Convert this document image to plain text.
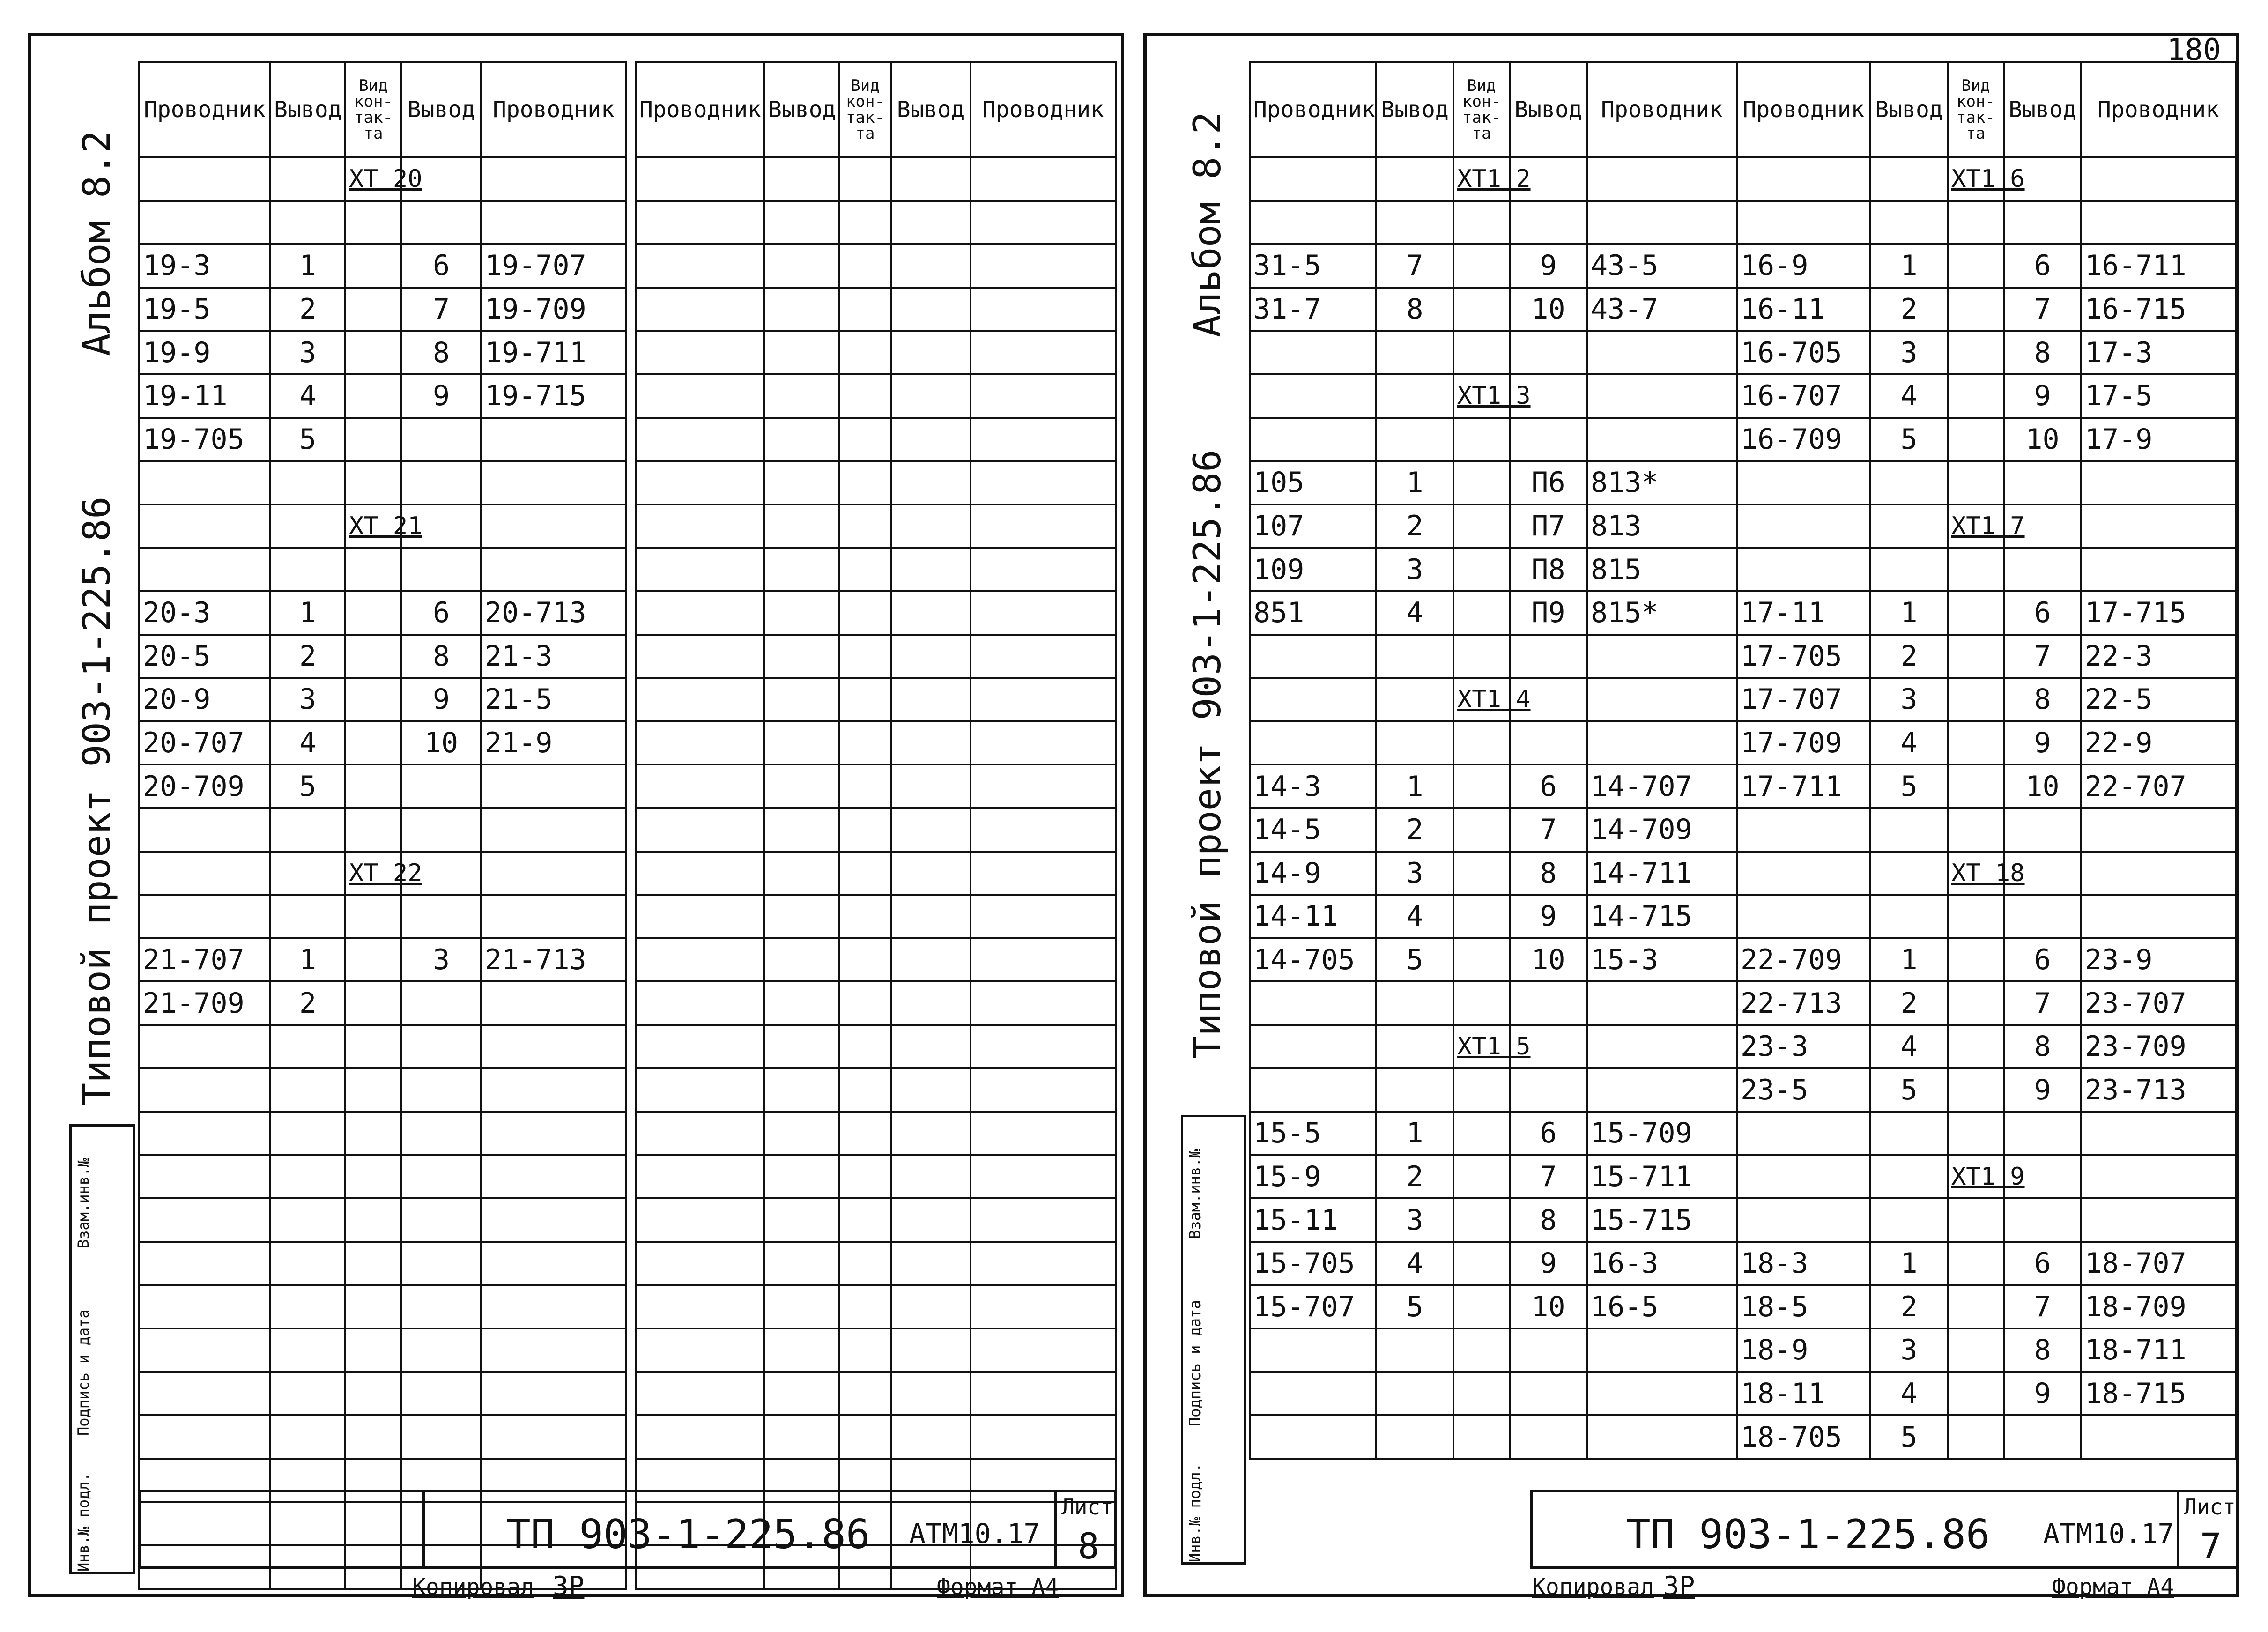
Альбом 8.2
Типовой проект 903-1-225.86
Инв.№ подл.
Подпись и дата
Взам.инв.№
Проводник	Вывод	Вид кон-так-та	Вывод	Проводник
		ХТ 20		

19-3	1		6	19-707
19-5	2		7	19-709
19-9	3		8	19-711
19-11	4		9	19-715
19-705	5			

		ХТ 21		

20-3	1		6	20-713
20-5	2		8	21-3
20-9	3		9	21-5
20-707	4		10	21-9
20-709	5			

		ХТ 22		

21-707	1		3	21-713
21-709	2			

Проводник	Вывод	Вид кон-так-та	Вывод	Проводник

ТП 903-1-225.86 АТМ10.17
Лист
8
Копировал ЗР	Формат А4
Альбом 8.2
Типовой проект 903-1-225.86
Инв.№ подл.
Подпись и дата
Взам.инв.№
180
Проводник	Вывод	Вид кон-так-та	Вывод	Проводник
		ХТ1 2		

31-5	7		9	43-5
31-7	8		10	43-7

		ХТ1 3		

105	1		П6	813*
107	2		П7	813
109	3		П8	815
851	4		П9	815*

		ХТ1 4		

14-3	1		6	14-707
14-5	2		7	14-709
14-9	3		8	14-711
14-11	4		9	14-715
14-705	5		10	15-3

		ХТ1 5		

15-5	1		6	15-709
15-9	2		7	15-711
15-11	3		8	15-715
15-705	4		9	16-3
15-707	5		10	16-5

Проводник	Вывод	Вид кон-так-та	Вывод	Проводник
		ХТ1 6		

16-9	1		6	16-711
16-11	2		7	16-715
16-705	3		8	17-3
16-707	4		9	17-5
16-709	5		10	17-9

		ХТ1 7		

17-11	1		6	17-715
17-705	2		7	22-3
17-707	3		8	22-5
17-709	4		9	22-9
17-711	5		10	22-707

		ХТ 18		

22-709	1		6	23-9
22-713	2		7	23-707
23-3	4		8	23-709
23-5	5		9	23-713

		ХТ1 9		

18-3	1		6	18-707
18-5	2		7	18-709
18-9	3		8	18-711
18-11	4		9	18-715
18-705	5			
ТП 903-1-225.86 АТМ10.17
Лист
7
Копировал ЗР	Формат А4
